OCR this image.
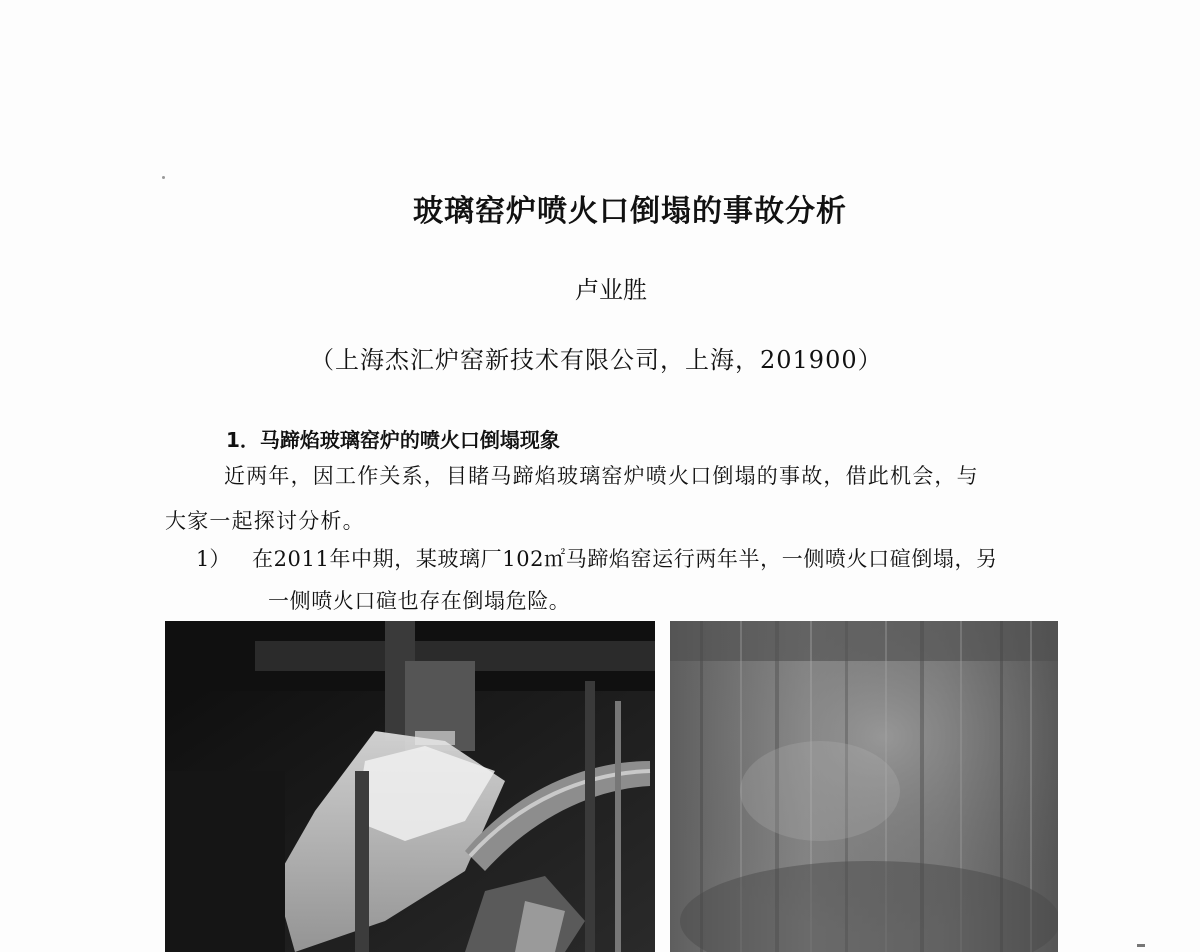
玻璃窑炉喷火口倒塌的事故分析
卢业胜
（上海杰汇炉窑新技术有限公司，上海，201900）
1．马蹄焰玻璃窑炉的喷火口倒塌现象
近两年，因工作关系，目睹马蹄焰玻璃窑炉喷火口倒塌的事故，借此机会，与
大家一起探讨分析。
1） 在2011年中期，某玻璃厂102㎡马蹄焰窑运行两年半，一侧喷火口碹倒塌，另
一侧喷火口碹也存在倒塌危险。
